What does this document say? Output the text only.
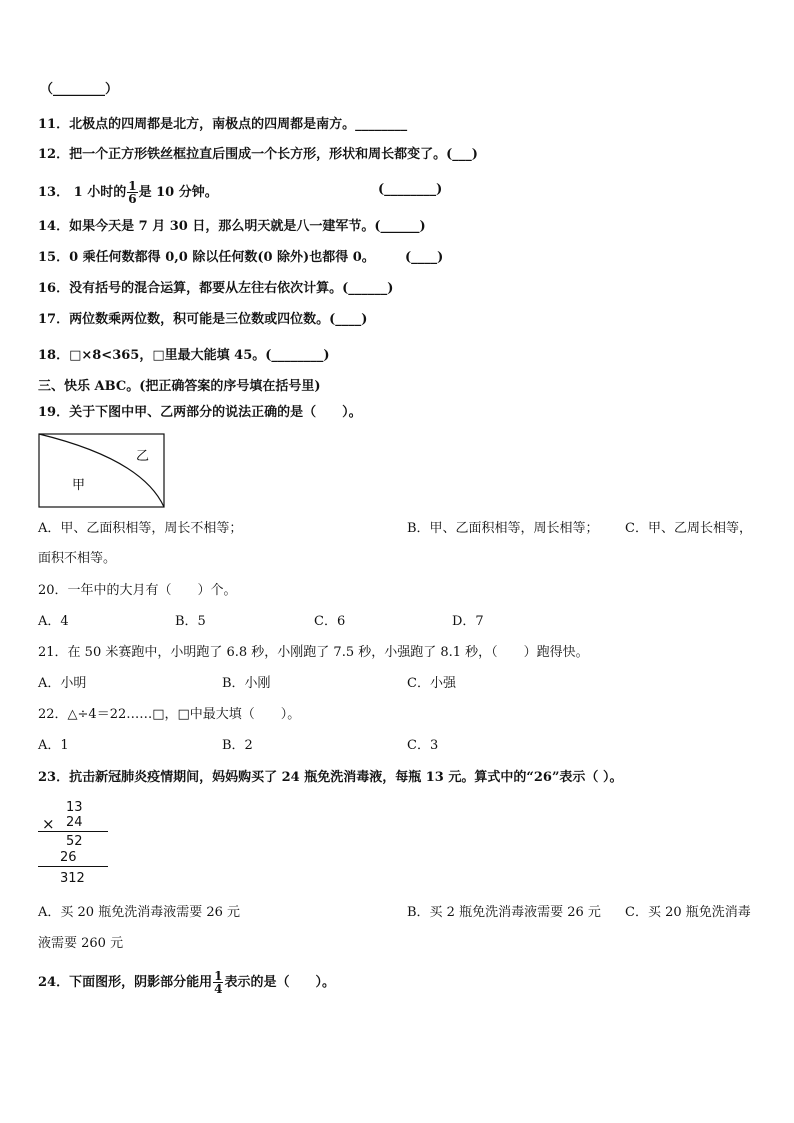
（________）
11．北极点的四周都是北方，南极点的四周都是南方。________
12．把一个正方形铁丝框拉直后围成一个长方形，形状和周长都变了。(___)
13． 1 小时的 $\frac{1}{6}$ 是 10 分钟。	(________)
14．如果今天是 7 月 30 日，那么明天就是八一建军节。(______)
15．0 乘任何数都得 0,0 除以任何数(0 除外)也都得 0。 (____)
16．没有括号的混合运算，都要从左往右依次计算。(______)
17．两位数乘两位数，积可能是三位数或四位数。(____)
18．□×8<365，□里最大能填 45。(________)
三、快乐 ABC。(把正确答案的序号填在括号里)
19．关于下图中甲、乙两部分的说法正确的是（　　）。
乙
甲
A．甲、乙面积相等，周长不相等；	B．甲、乙面积相等，周长相等； C．甲、乙周长相等，
面积不相等。
20．一年中的大月有（　　）个。
A．4	B．5	C．6	D．7
21．在 50 米赛跑中，小明跑了 6.8 秒，小刚跑了 7.5 秒，小强跑了 8.1 秒，（　　）跑得快。
A．小明	B．小刚	C．小强
22．△÷4＝22……□，□中最大填（　　）。
A．1	B．2	C．3
23．抗击新冠肺炎疫情期间，妈妈购买了 24 瓶免洗消毒液，每瓶 13 元。算式中的“26”表示（ ）。
13
× 24
52
26
312
A．买 20 瓶免洗消毒液需要 26 元	B．买 2 瓶免洗消毒液需要 26 元 C．买 20 瓶免洗消毒
液需要 260 元
24．下面图形，阴影部分能用 $\frac{1}{4}$ 表示的是（　　）。
